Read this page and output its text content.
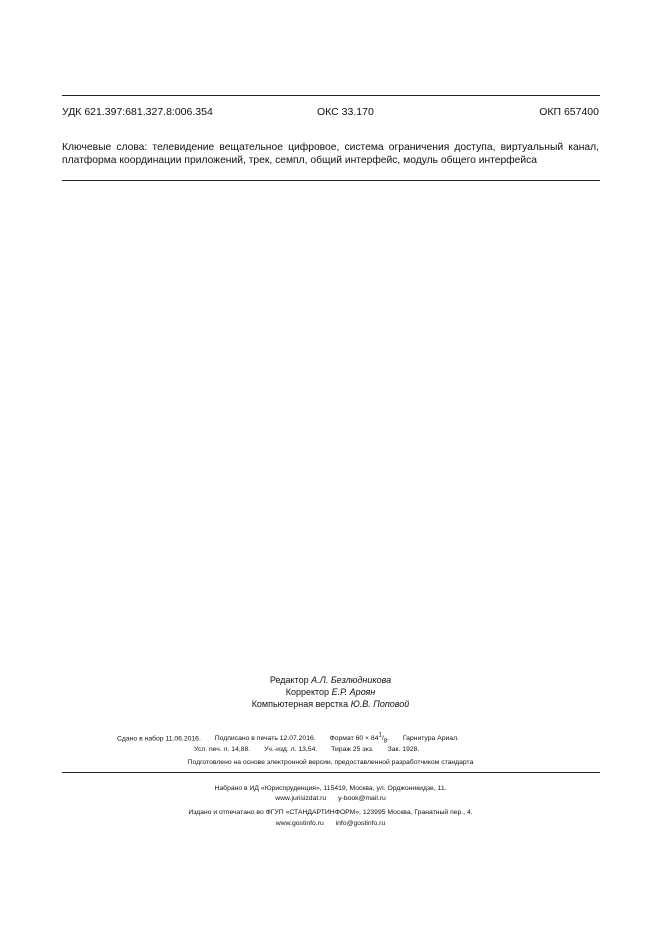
УДК 621.397:681.327.8:006.354	ОКС 33.170	ОКП 657400
Ключевые слова: телевидение вещательное цифровое, система ограничения доступа, виртуальный канал, платформа координации приложений, трек, семпл, общий интерфейс, модуль общего интерфейса
Редактор А.Л. Безлюдникова
Корректор Е.Р. Ароян
Компьютерная верстка Ю.В. Поповой
Сдано в набор 11.06.2016. Подписано в печать 12.07.2016. Формат $60 \times 84^1/_8$. Гарнитура Ариал.
Усл. печ. л. 14,88. Уч.-изд. л. 13,54. Тираж 25 экз. Зак. 1928.
Подготовлено на основе электронной версии, предоставленной разработчиком стандарта
Набрано в ИД «Юриспруденция», 115419, Москва, ул. Орджоникидзе, 11.
www.jurisizdat.ru y-book@mail.ru
Издано и отпечатано во ФГУП «СТАНДАРТИНФОРМ», 123995 Москва, Гранатный пер., 4.
www.gostinfo.ru info@gostinfo.ru
